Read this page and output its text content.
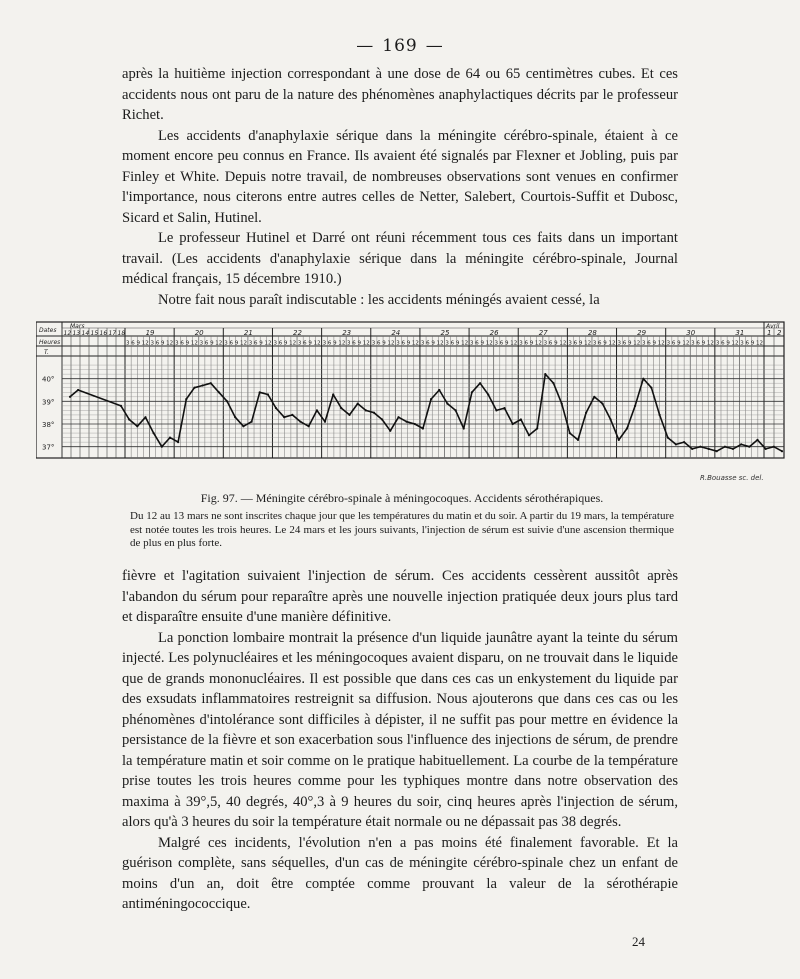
— 169 —

après la huitième injection correspondant à une dose de 64 ou 65 centimètres cubes. Et ces accidents nous ont paru de la nature des phénomènes anaphylactiques décrits par le professeur Richet.

Les accidents d'anaphylaxie sérique dans la méningite cérébro-spinale, étaient à ce moment encore peu connus en France. Ils avaient été signalés par Flexner et Jobling, puis par Finley et White. Depuis notre travail, de nombreuses observations sont venues en confirmer l'importance, nous citerons entre autres celles de Netter, Salebert, Courtois-Suffit et Dubosc, Sicard et Salin, Hutinel.

Le professeur Hutinel et Darré ont réuni récemment tous ces faits dans un important travail. (Les accidents d'anaphylaxie sérique dans la méningite cérébro-spinale, Journal médical français, 15 décembre 1910.)

Notre fait nous paraît indiscutable : les accidents méningés avaient cessé, la

Dates
Heures
T.
12 13 14 15 16 17 18
Mars
19
3 6 9 12 3 6 9 12
20
3 6 9 12 3 6 9 12
21
3 6 9 12 3 6 9 12
22
3 6 9 12 3 6 9 12
23
3 6 9 12 3 6 9 12
24
3 6 9 12 3 6 9 12
25
3 6 9 12 3 6 9 12
26
3 6 9 12 3 6 9 12
27
3 6 9 12 3 6 9 12
28
3 6 9 12 3 6 9 12
29
3 6 9 12 3 6 9 12
30
3 6 9 12 3 6 9 12
31
3 6 9 12 3 6 9 12
Avril
1 2
40°
39°
38°
37°
R.Bouasse sc. del.
Fig. 97. — Méningite cérébro-spinale à méningocoques. Accidents sérothérapiques.
Du 12 au 13 mars ne sont inscrites chaque jour que les températures du matin et du soir. A partir du 19 mars, la température est notée toutes les trois heures. Le 24 mars et les jours suivants, l'injection de sérum est suivie d'une ascension thermique de plus en plus forte.

fièvre et l'agitation suivaient l'injection de sérum. Ces accidents cessèrent aussitôt après l'abandon du sérum pour reparaître après une nouvelle injection pratiquée deux jours plus tard et disparaître ensuite d'une manière définitive.

La ponction lombaire montrait la présence d'un liquide jaunâtre ayant la teinte du sérum injecté. Les polynucléaires et les méningocoques avaient disparu, on ne trouvait dans le liquide que de grands mononucléaires. Il est possible que dans ces cas un enkystement du liquide par des exsudats inflammatoires restreignit sa diffusion. Nous ajouterons que dans ces cas ou les phénomènes d'intolérance sont difficiles à dépister, il ne suffit pas pour mettre en évidence la persistance de la fièvre et son exacerbation sous l'influence des injections de sérum, de prendre la température matin et soir comme on le pratique habituellement. La courbe de la température prise toutes les trois heures comme pour les typhiques montre dans notre observation des maxima à 39°,5, 40 degrés, 40°,3 à 9 heures du soir, cinq heures après l'injection de sérum, alors qu'à 3 heures du soir la température était normale ou ne dépassait pas 38 degrés.

Malgré ces incidents, l'évolution n'en a pas moins été finalement favorable. Et la guérison complète, sans séquelles, d'un cas de méningite cérébro-spinale chez un enfant de moins d'un an, doit être comptée comme prouvant la valeur de la sérothérapie antiméningococcique.

24
